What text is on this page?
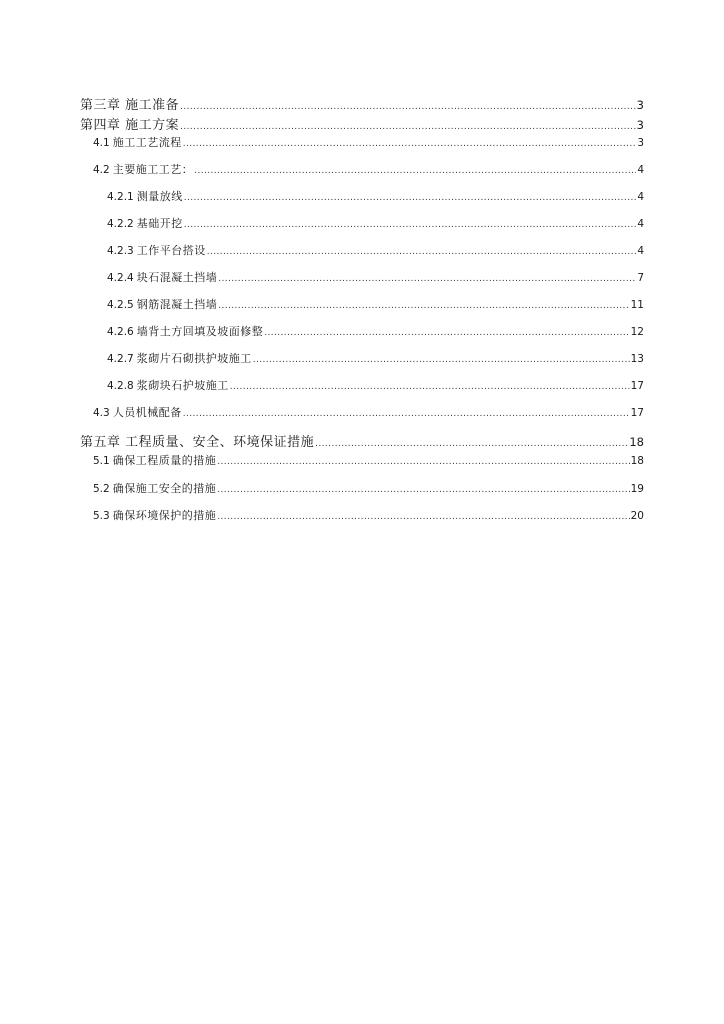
第三章 施工准备 .....	3
第四章 施工方案 .....	3
4.1 施工工艺流程 .....	3
4.2 主要施工工艺： .....	4
4.2.1 测量放线 .....	4
4.2.2 基础开挖 .....	4
4.2.3 工作平台搭设 .....	4
4.2.4 块石混凝土挡墙 .....	7
4.2.5 钢筋混凝土挡墙 .....	11
4.2.6 墙背土方回填及坡面修整 .....	12
4.2.7 浆砌片石砌拱护坡施工 .....	13
4.2.8 浆砌块石护坡施工 .....	17
4.3 人员机械配备 .....	17
第五章 工程质量、安全、环境保证措施 .....	18
5.1 确保工程质量的措施 .....	18
5.2 确保施工安全的措施 .....	19
5.3 确保环境保护的措施 .....	20
